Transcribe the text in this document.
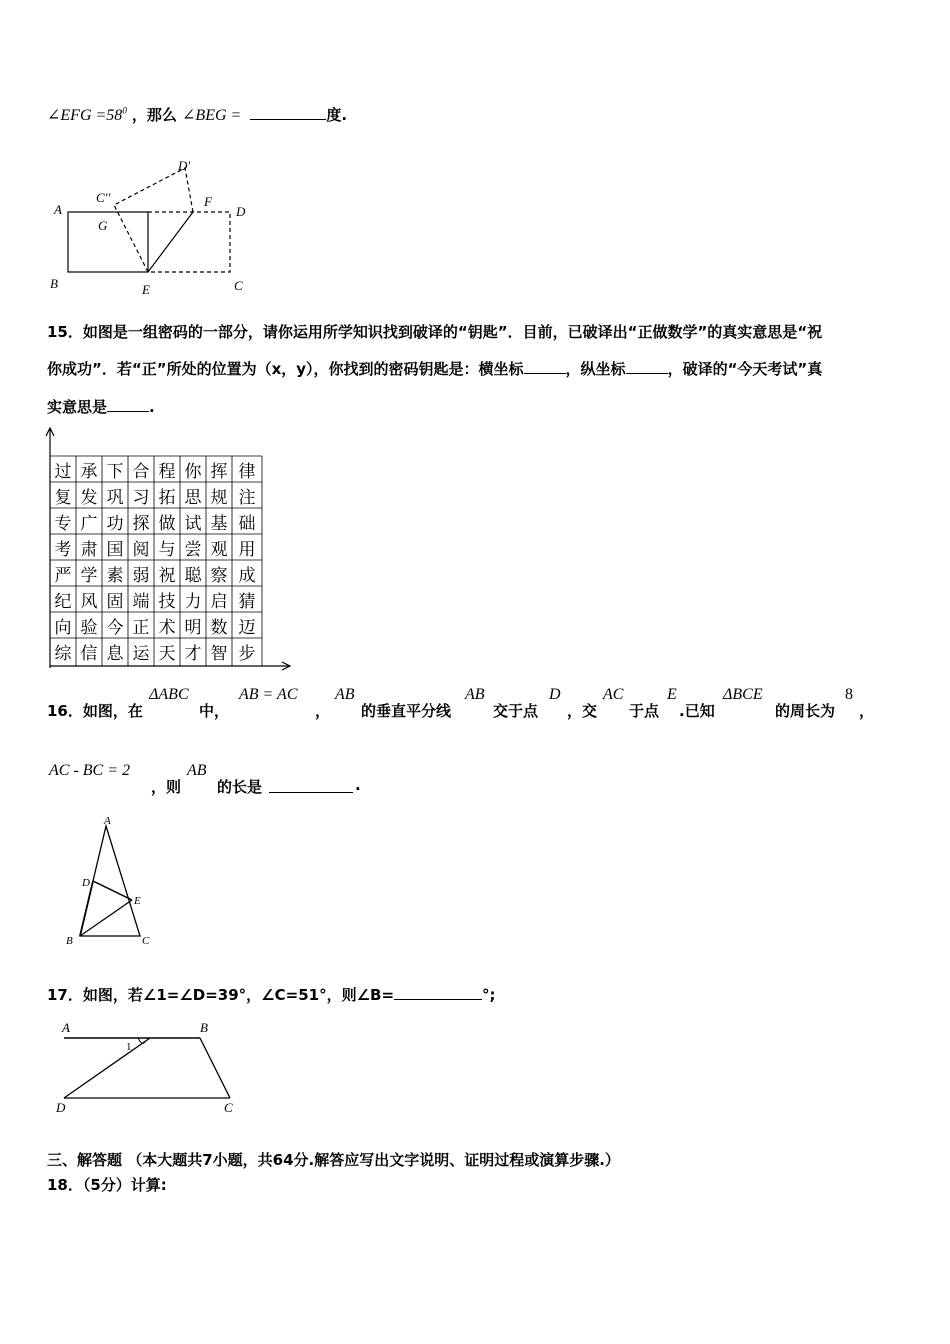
∠EFG $=58^0$ ，那么 ∠BEG =	度.
A
B	C
D
E
F
G
C′′
D′
15．如图是一组密码的一部分，请你运用所学知识找到破译的“钥匙”．目前，已破译出“正做数学”的真实意思是“祝
你成功”．若“正”所处的位置为（x，y），你找到的密码钥匙是：横坐标	，纵坐标	，破译的“今天考试”真
实意思是	.
过 承 下 合 程 你 挥 律
复 发 巩 习 拓 思 规 注
专 广 功 探 做 试 基 础
考 肃 国 阅 与 尝 观 用
严 学 素 弱 祝 聪 察 成
纪 风 固 端 技 力 启 猜
向 验 今 正 术 明 数 迈
综 信 息 运 天 才 智 步
16．如图，在
ΔABC
中，
AB = AC
，
AB
的垂直平分线
AB
交于点
D
，交
AC
于点
E
.已知
ΔBCE
的周长为
8
，
AC - BC = 2
，则
AB
的长是	.
A
D
E
B	C
17．如图，若∠1=∠D=39°，∠C=51°，则∠B=	°;
A	B
D	C
1
三、解答题 （本大题共7小题，共64分.解答应写出文字说明、证明过程或演算步骤.）
18．（5分）计算:
